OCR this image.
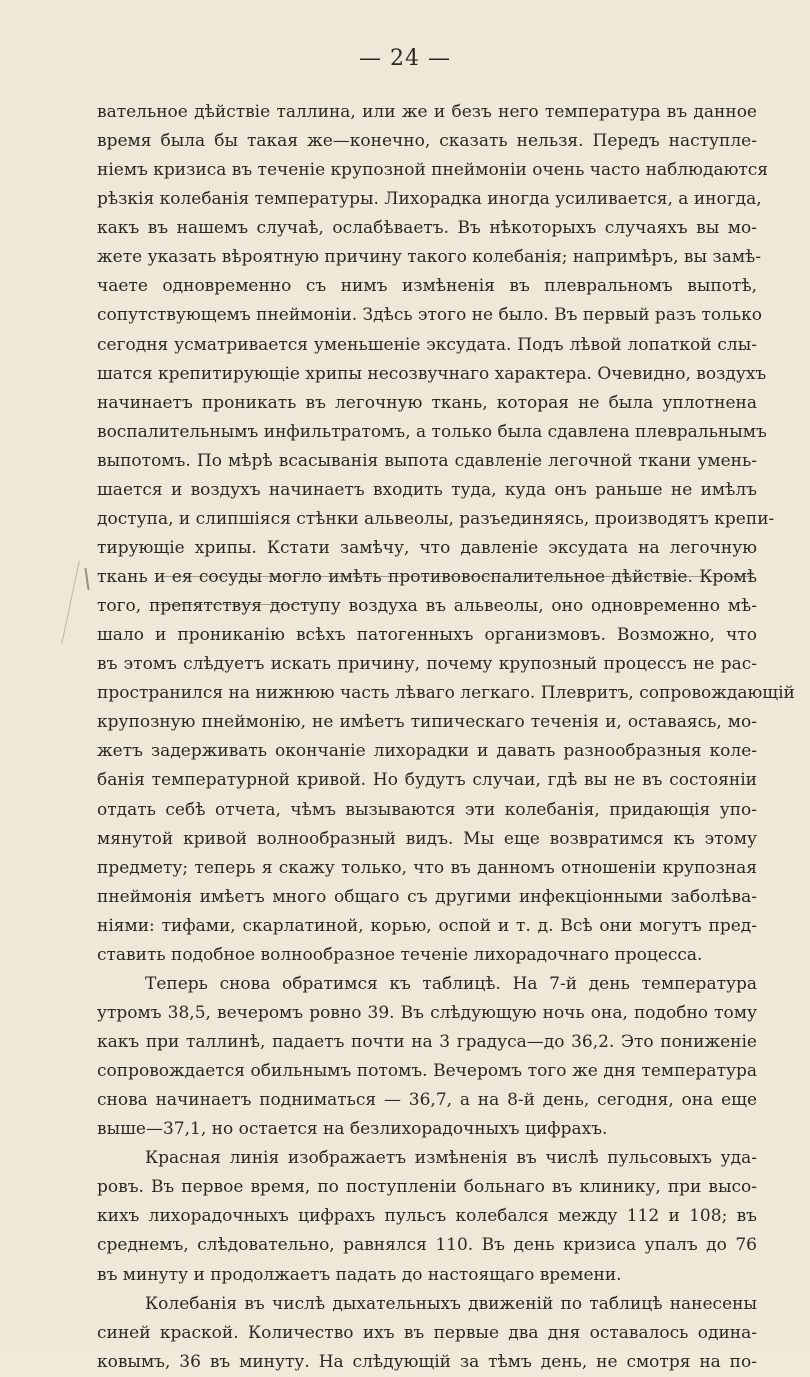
— 24 —
вательное дѣйствіе таллина, или же и безъ него температура въ данное
время была бы такая же—конечно, сказать нельзя. Передъ наступле-
ніемъ кризиса въ теченіе крупозной пнеймоніи очень часто наблюдаются
рѣзкія колебанія температуры. Лихорадка иногда усиливается, а иногда,
какъ въ нашемъ случаѣ, ослабѣваетъ. Въ нѣкоторыхъ случаяхъ вы мо-
жете указать вѣроятную причину такого колебанія; напримѣръ, вы замѣ-
чаете одновременно съ нимъ измѣненія въ плевральномъ выпотѣ,
сопутствующемъ пнеймоніи. Здѣсь этого не было. Въ первый разъ только
сегодня усматривается уменьшеніе эксудата. Подъ лѣвой лопаткой слы-
шатся крепитирующіе хрипы несозвучнаго характера. Очевидно, воздухъ
начинаетъ проникать въ легочную ткань, которая не была уплотнена
воспалительнымъ инфильтратомъ, а только была сдавлена плевральнымъ
выпотомъ. По мѣрѣ всасыванія выпота сдавленіе легочной ткани умень-
шается и воздухъ начинаетъ входить туда, куда онъ раньше не имѣлъ
доступа, и слипшіяся стѣнки альвеолы, разъединяясь, производятъ крепи-
тирующіе хрипы. Кстати замѣчу, что давленіе эксудата на легочную
ткань и ея сосуды могло имѣть противовоспалительное дѣйствіе. Кромѣ
того, препятствуя доступу воздуха въ альвеолы, оно одновременно мѣ-
шало и прониканію всѣхъ патогенныхъ организмовъ. Возможно, что
въ этомъ слѣдуетъ искать причину, почему крупозный процессъ не рас-
пространился на нижнюю часть лѣваго легкаго. Плевритъ, сопровождающій
крупозную пнеймонію, не имѣетъ типическаго теченія и, оставаясь, мо-
жетъ задерживать окончаніе лихорадки и давать разнообразныя коле-
банія температурной кривой. Но будутъ случаи, гдѣ вы не въ состояніи
отдать себѣ отчета, чѣмъ вызываются эти колебанія, придающія упо-
мянутой кривой волнообразный видъ. Мы еще возвратимся къ этому
предмету; теперь я скажу только, что въ данномъ отношеніи крупозная
пнеймонія имѣетъ много общаго съ другими инфекціонными заболѣва-
ніями: тифами, скарлатиной, корью, оспой и т. д. Всѣ они могутъ пред-
ставить подобное волнообразное теченіе лихорадочнаго процесса.
Теперь снова обратимся къ таблицѣ. На 7-й день температура
утромъ 38,5, вечеромъ ровно 39. Въ слѣдующую ночь она, подобно тому
какъ при таллинѣ, падаетъ почти на 3 градуса—до 36,2. Это пониженіе
сопровождается обильнымъ потомъ. Вечеромъ того же дня температура
снова начинаетъ подниматься — 36,7, а на 8-й день, сегодня, она еще
выше—37,1, но остается на безлихорадочныхъ цифрахъ.
Красная линія изображаетъ измѣненія въ числѣ пульсовыхъ уда-
ровъ. Въ первое время, по поступленіи больнаго въ клинику, при высо-
кихъ лихорадочныхъ цифрахъ пульсъ колебался между 112 и 108; въ
среднемъ, слѣдовательно, равнялся 110. Въ день кризиса упалъ до 76
въ минуту и продолжаетъ падать до настоящаго времени.
Колебанія въ числѣ дыхательныхъ движеній по таблицѣ нанесены
синей краской. Количество ихъ въ первые два дня оставалось одина-
ковымъ, 36 въ минуту. На слѣдующій за тѣмъ день, не смотря на по-
